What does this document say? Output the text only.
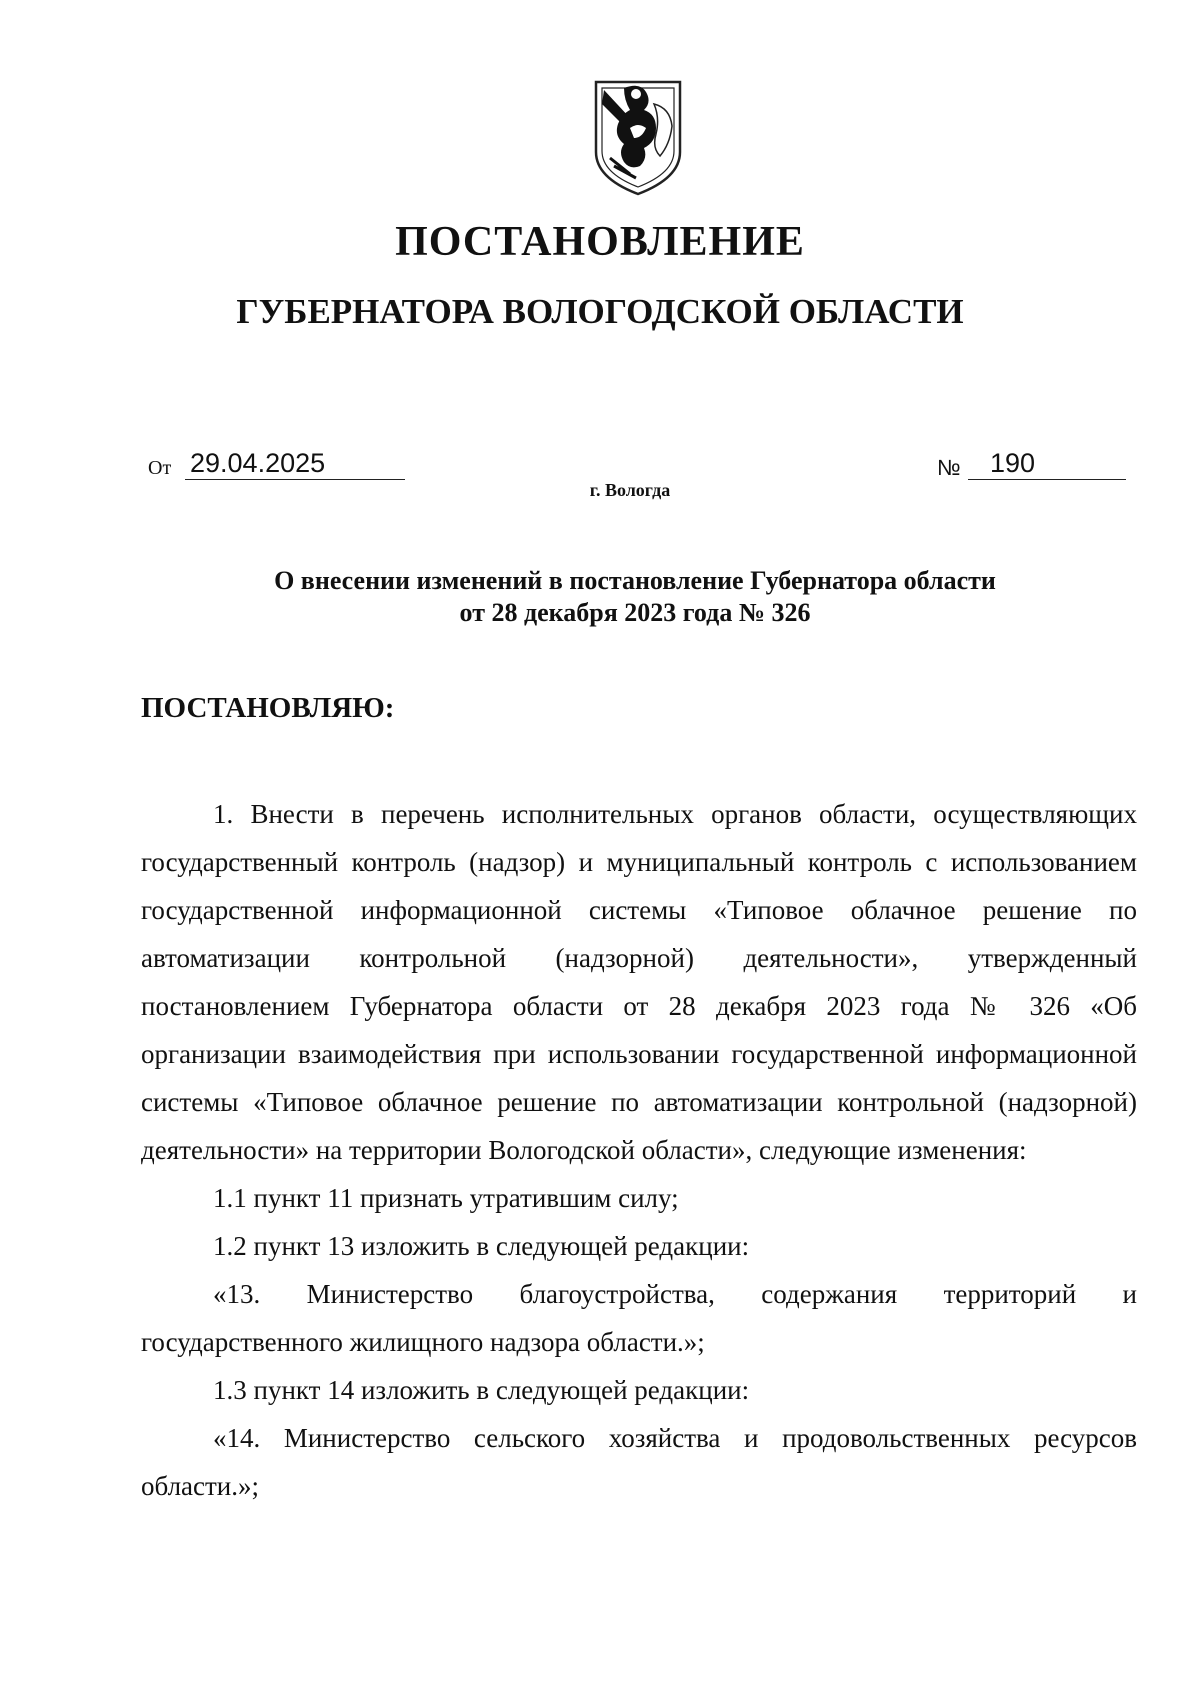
ПОСТАНОВЛЕНИЕ
ГУБЕРНАТОРА ВОЛОГОДСКОЙ ОБЛАСТИ
От 29.04.2025	№	190
г. Вологда
О внесении изменений в постановление Губернатора области
от 28 декабря 2023 года № 326
ПОСТАНОВЛЯЮ:

1. Внести в перечень исполнительных органов области, осуществляющих государственный контроль (надзор) и муниципальный контроль с использованием государственной информационной системы «Типовое облачное решение по автоматизации контрольной (надзорной) деятельности», утвержденный постановлением Губернатора области от 28 декабря 2023 года № 326 «Об организации взаимодействия при использовании государственной информационной системы «Типовое облачное решение по автоматизации контрольной (надзорной) деятельности» на территории Вологодской области», следующие изменения:

1.1 пункт 11 признать утратившим силу;

1.2 пункт 13 изложить в следующей редакции:

«13. Министерство благоустройства, содержания территорий и государственного жилищного надзора области.»;

1.3 пункт 14 изложить в следующей редакции:

«14. Министерство сельского хозяйства и продовольственных ресурсов области.»;
